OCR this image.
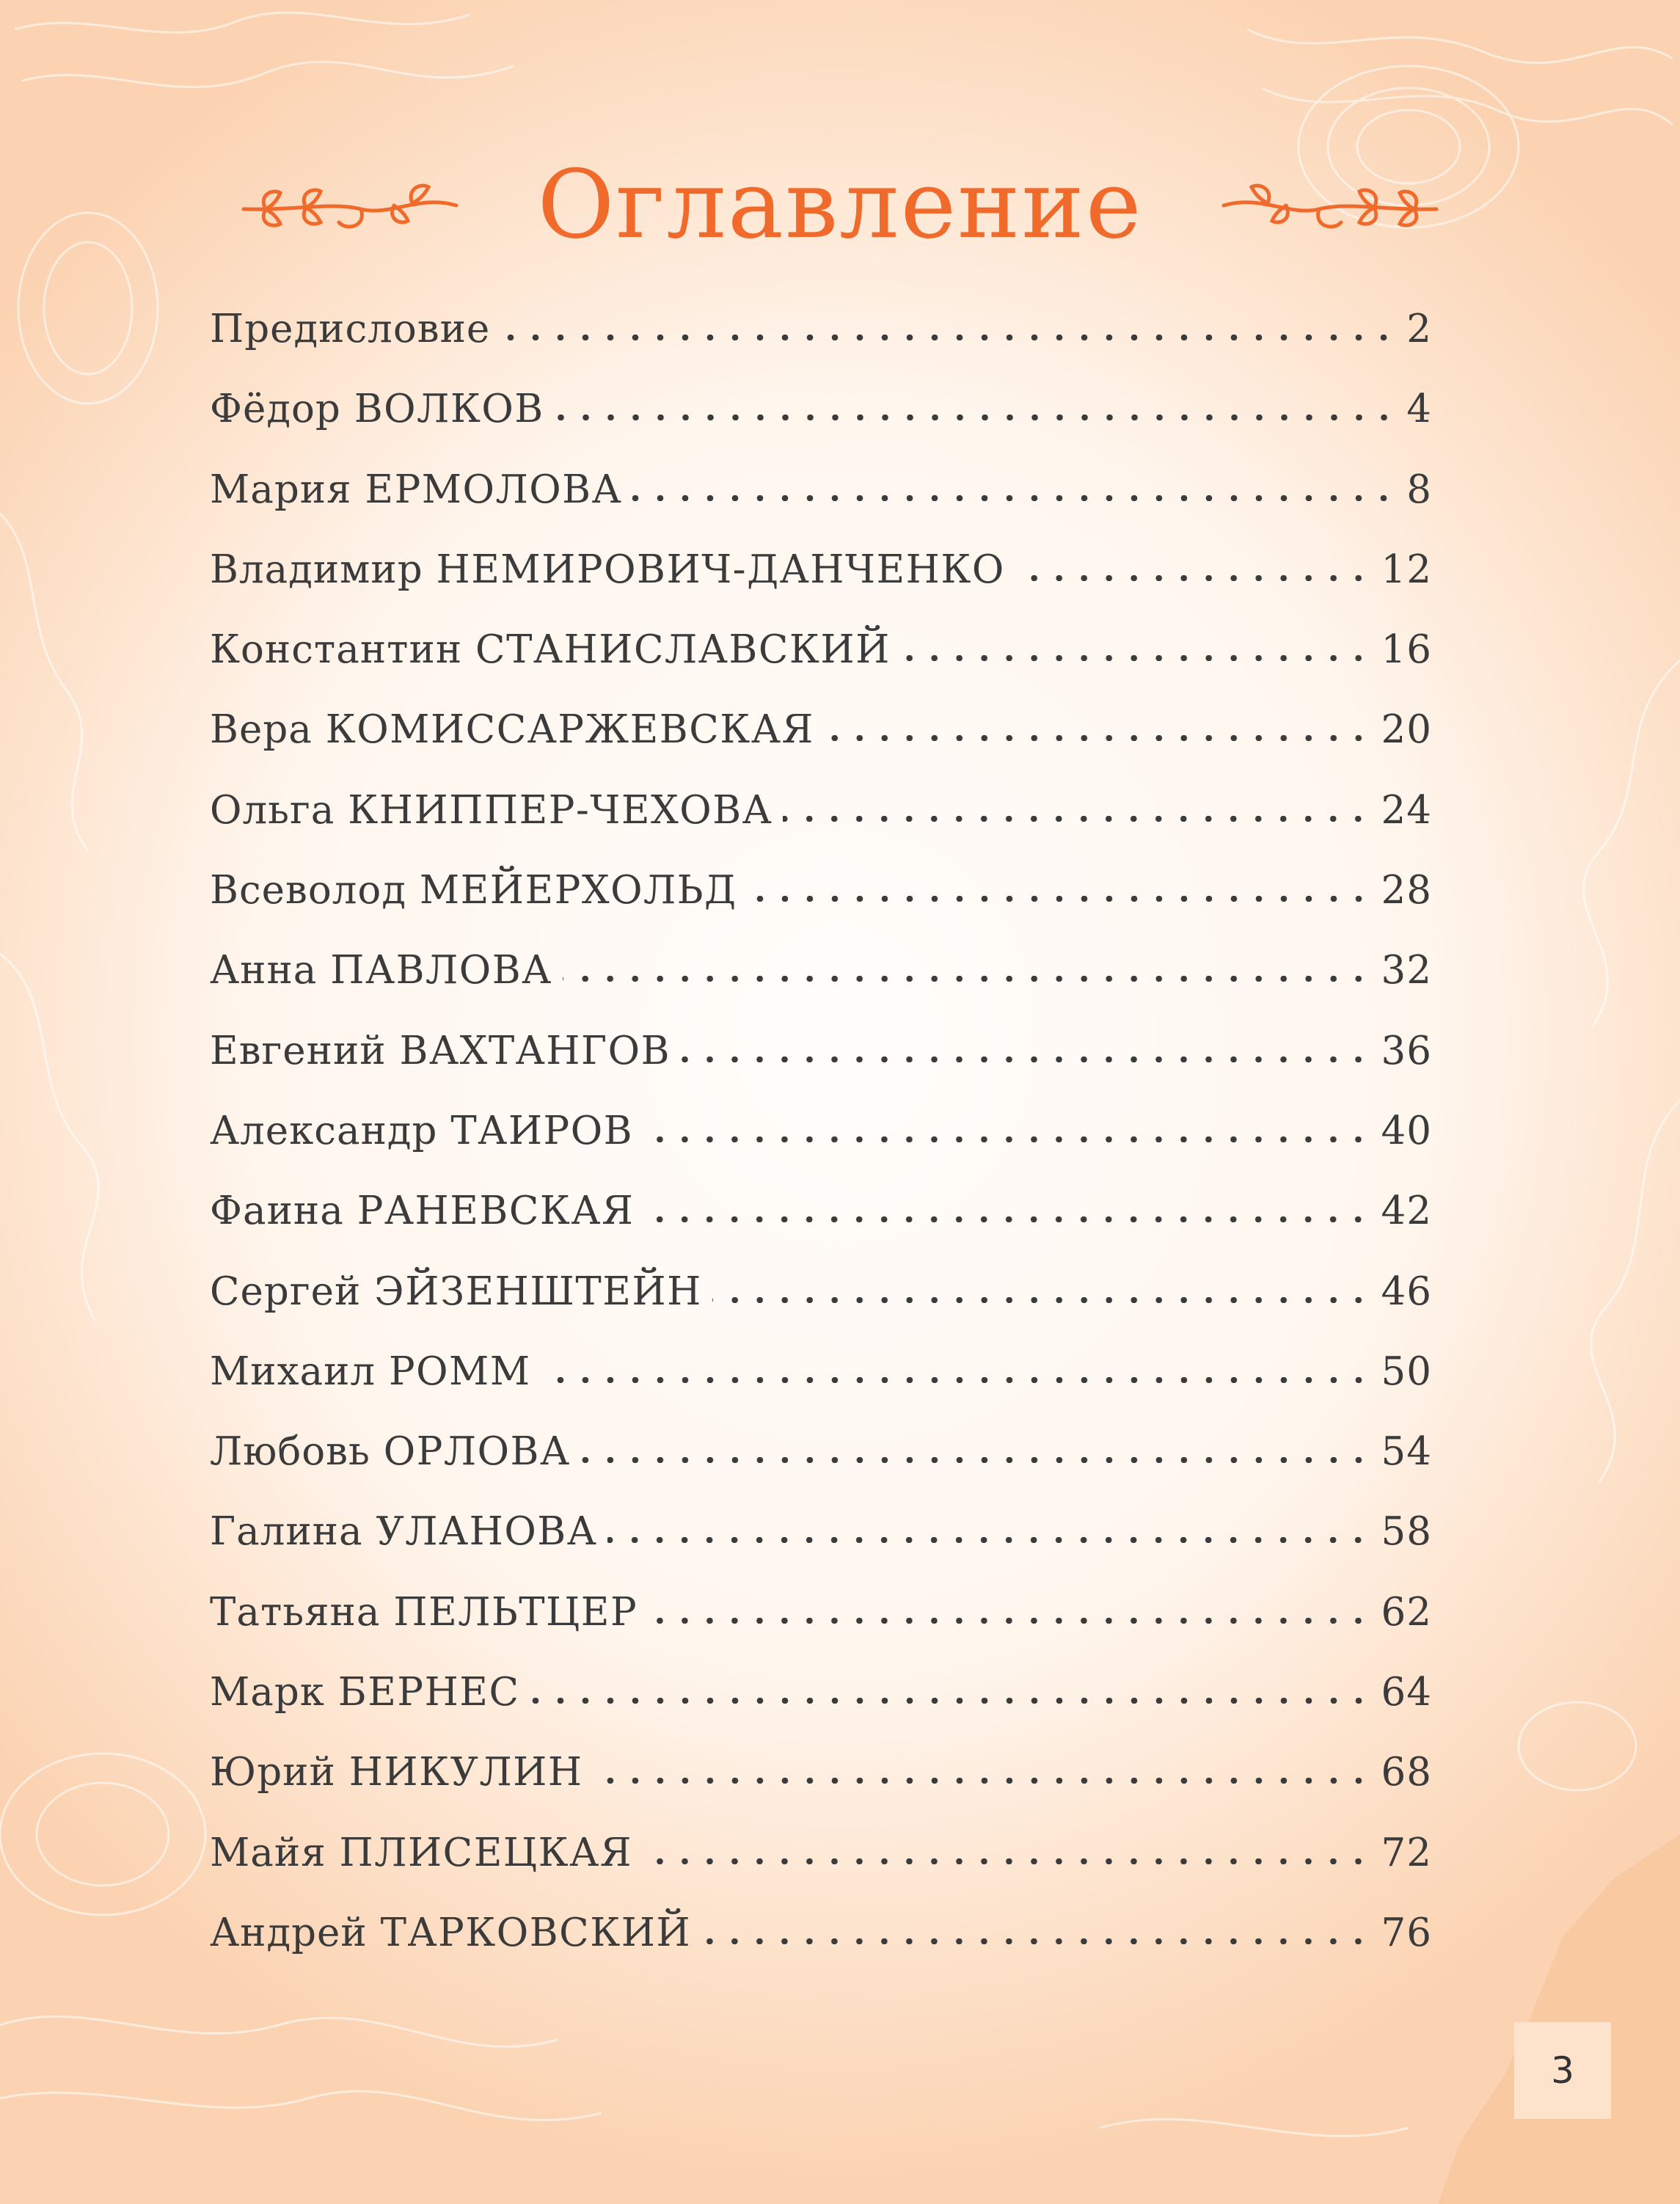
Оглавление
Предисловие	2
Фёдор ВОЛКОВ	4
Мария ЕРМОЛОВА	8
Владимир НЕМИРОВИЧ-ДАНЧЕНКО	12
Константин СТАНИСЛАВСКИЙ	16
Вера КОМИССАРЖЕВСКАЯ	20
Ольга КНИППЕР-ЧЕХОВА	24
Всеволод МЕЙЕРХОЛЬД	28
Анна ПАВЛОВА	32
Евгений ВАХТАНГОВ	36
Александр ТАИРОВ	40
Фаина РАНЕВСКАЯ	42
Сергей ЭЙЗЕНШТЕЙН	46
Михаил РОММ	50
Любовь ОРЛОВА	54
Галина УЛАНОВА	58
Татьяна ПЕЛЬТЦЕР	62
Марк БЕРНЕС	64
Юрий НИКУЛИН	68
Майя ПЛИСЕЦКАЯ	72
Андрей ТАРКОВСКИЙ	76
3
